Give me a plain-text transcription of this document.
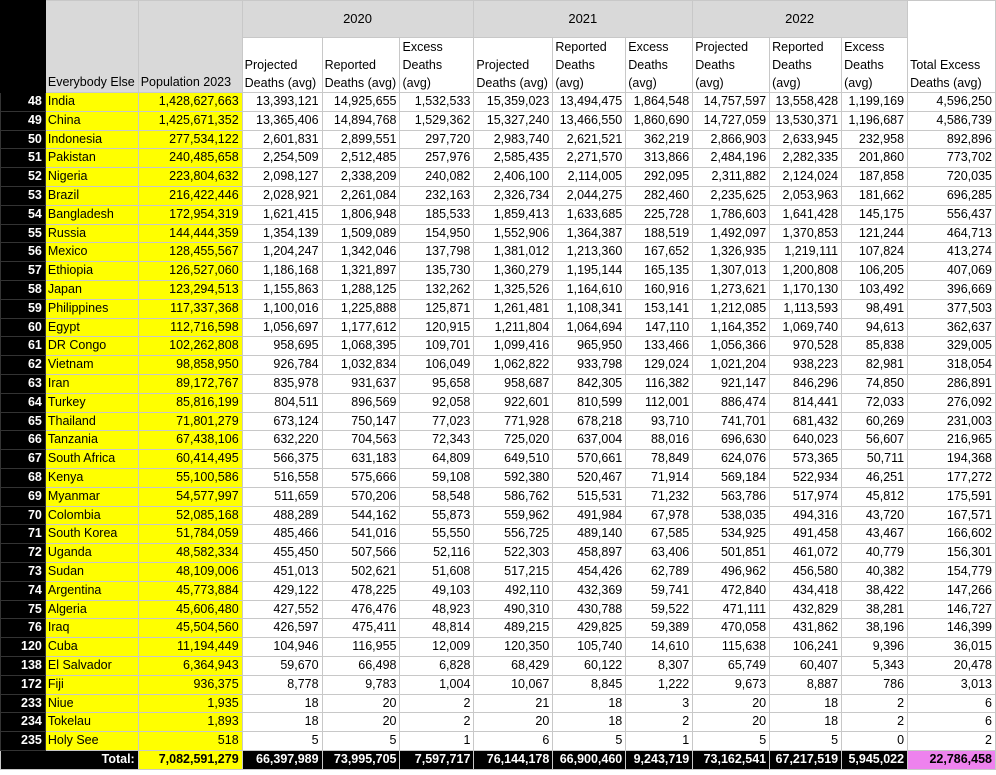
	Everybody Else	Population 2023	2020			2021			2022			Total Excess Deaths (avg)
			Projected Deaths (avg)	Reported Deaths (avg)	Excess Deaths (avg)	Projected Deaths (avg)	Reported Deaths (avg)	Excess Deaths (avg)	Projected Deaths (avg)	Reported Deaths (avg)	Excess Deaths (avg)	
48	India	1,428,627,663	13,393,121	14,925,655	1,532,533	15,359,023	13,494,475	1,864,548	14,757,597	13,558,428	1,199,169	4,596,250
49	China	1,425,671,352	13,365,406	14,894,768	1,529,362	15,327,240	13,466,550	1,860,690	14,727,059	13,530,371	1,196,687	4,586,739
50	Indonesia	277,534,122	2,601,831	2,899,551	297,720	2,983,740	2,621,521	362,219	2,866,903	2,633,945	232,958	892,896
51	Pakistan	240,485,658	2,254,509	2,512,485	257,976	2,585,435	2,271,570	313,866	2,484,196	2,282,335	201,860	773,702
52	Nigeria	223,804,632	2,098,127	2,338,209	240,082	2,406,100	2,114,005	292,095	2,311,882	2,124,024	187,858	720,035
53	Brazil	216,422,446	2,028,921	2,261,084	232,163	2,326,734	2,044,275	282,460	2,235,625	2,053,963	181,662	696,285
54	Bangladesh	172,954,319	1,621,415	1,806,948	185,533	1,859,413	1,633,685	225,728	1,786,603	1,641,428	145,175	556,437
55	Russia	144,444,359	1,354,139	1,509,089	154,950	1,552,906	1,364,387	188,519	1,492,097	1,370,853	121,244	464,713
56	Mexico	128,455,567	1,204,247	1,342,046	137,798	1,381,012	1,213,360	167,652	1,326,935	1,219,111	107,824	413,274
57	Ethiopia	126,527,060	1,186,168	1,321,897	135,730	1,360,279	1,195,144	165,135	1,307,013	1,200,808	106,205	407,069
58	Japan	123,294,513	1,155,863	1,288,125	132,262	1,325,526	1,164,610	160,916	1,273,621	1,170,130	103,492	396,669
59	Philippines	117,337,368	1,100,016	1,225,888	125,871	1,261,481	1,108,341	153,141	1,212,085	1,113,593	98,491	377,503
60	Egypt	112,716,598	1,056,697	1,177,612	120,915	1,211,804	1,064,694	147,110	1,164,352	1,069,740	94,613	362,637
61	DR Congo	102,262,808	958,695	1,068,395	109,701	1,099,416	965,950	133,466	1,056,366	970,528	85,838	329,005
62	Vietnam	98,858,950	926,784	1,032,834	106,049	1,062,822	933,798	129,024	1,021,204	938,223	82,981	318,054
63	Iran	89,172,767	835,978	931,637	95,658	958,687	842,305	116,382	921,147	846,296	74,850	286,891
64	Turkey	85,816,199	804,511	896,569	92,058	922,601	810,599	112,001	886,474	814,441	72,033	276,092
65	Thailand	71,801,279	673,124	750,147	77,023	771,928	678,218	93,710	741,701	681,432	60,269	231,003
66	Tanzania	67,438,106	632,220	704,563	72,343	725,020	637,004	88,016	696,630	640,023	56,607	216,965
67	South Africa	60,414,495	566,375	631,183	64,809	649,510	570,661	78,849	624,076	573,365	50,711	194,368
68	Kenya	55,100,586	516,558	575,666	59,108	592,380	520,467	71,914	569,184	522,934	46,251	177,272
69	Myanmar	54,577,997	511,659	570,206	58,548	586,762	515,531	71,232	563,786	517,974	45,812	175,591
70	Colombia	52,085,168	488,289	544,162	55,873	559,962	491,984	67,978	538,035	494,316	43,720	167,571
71	South Korea	51,784,059	485,466	541,016	55,550	556,725	489,140	67,585	534,925	491,458	43,467	166,602
72	Uganda	48,582,334	455,450	507,566	52,116	522,303	458,897	63,406	501,851	461,072	40,779	156,301
73	Sudan	48,109,006	451,013	502,621	51,608	517,215	454,426	62,789	496,962	456,580	40,382	154,779
74	Argentina	45,773,884	429,122	478,225	49,103	492,110	432,369	59,741	472,840	434,418	38,422	147,266
75	Algeria	45,606,480	427,552	476,476	48,923	490,310	430,788	59,522	471,111	432,829	38,281	146,727
76	Iraq	45,504,560	426,597	475,411	48,814	489,215	429,825	59,389	470,058	431,862	38,196	146,399
120	Cuba	11,194,449	104,946	116,955	12,009	120,350	105,740	14,610	115,638	106,241	9,396	36,015
138	El Salvador	6,364,943	59,670	66,498	6,828	68,429	60,122	8,307	65,749	60,407	5,343	20,478
172	Fiji	936,375	8,778	9,783	1,004	10,067	8,845	1,222	9,673	8,887	786	3,013
233	Niue	1,935	18	20	2	21	18	3	20	18	2	6
234	Tokelau	1,893	18	20	2	20	18	2	20	18	2	6
235	Holy See	518	5	5	1	6	5	1	5	5	0	2
Total:		7,082,591,279	66,397,989	73,995,705	7,597,717	76,144,178	66,900,460	9,243,719	73,162,541	67,217,519	5,945,022	22,786,458
